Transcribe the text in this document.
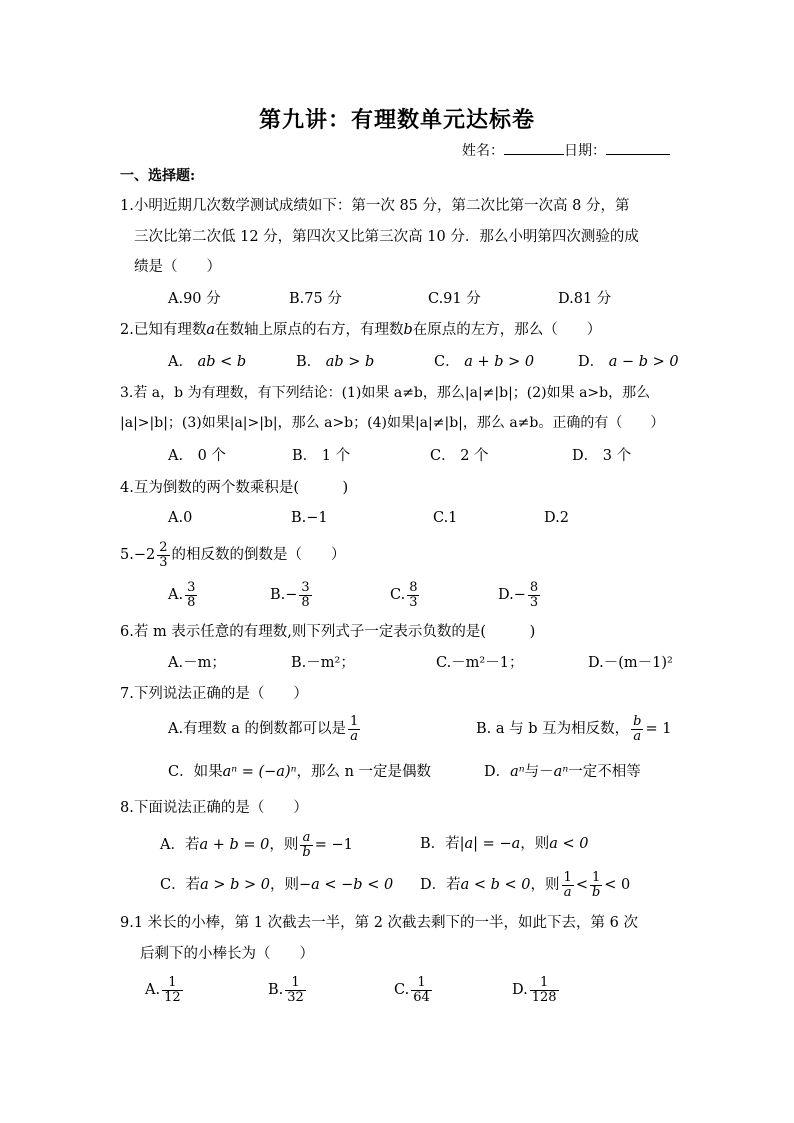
第九讲：有理数单元达标卷
姓名：	日期：
一、选择题:
1.小明近期几次数学测试成绩如下：第一次 85 分，第二次比第一次高 8 分，第
三次比第二次低 12 分，第四次又比第三次高 10 分．那么小明第四次测验的成
绩是（　　）
A.90 分	B.75 分	C.91 分	D.81 分
2.已知有理数a在数轴上原点的右方，有理数b在原点的左方，那么（　　）
A． ab < b	B． ab > b	C． a + b > 0	D． a − b > 0
3.若 a，b 为有理数，有下列结论：(1)如果 a≠b，那么|a|≠|b|；(2)如果 a>b，那么
|a|>|b|；(3)如果|a|>|b|，那么 a>b；(4)如果|a|≠|b|，那么 a≠b。正确的有（　　）
A． 0 个	B． 1 个	C． 2 个	D． 3 个
4.互为倒数的两个数乘积是(　　　)
A.0	B.−1	C.1	D.2
$5.-2 \frac{2}{3}$ 的相反数的倒数是（　　）
A. $\frac{3}{8}$	$B.- \frac{3}{8}$	C. $\frac{8}{3}$	$D.- \frac{8}{3}$
6.若 m 表示任意的有理数,则下列式子一定表示负数的是(　　　)
A.－m；	B.－m²；	C.－m²－1；	D.－(m－1)²
7.下列说法正确的是（　　）
A.有理数 a 的倒数都可以是 $\frac{1}{a}$	B. a 与 b 互为相反数， $\frac{b}{a} = 1$
C．如果aⁿ = (−a)ⁿ，那么 n 一定是偶数	D．aⁿ与－aⁿ一定不相等
8.下面说法正确的是（　　）
A．若a + b = 0，则 $\frac{a}{b} = -1$	B．若|a| = −a，则a < 0
C．若a > b > 0，则−a < −b < 0 D．若a < b < 0，则 $\frac{1}{a} < \frac{1}{b} < 0$
9.1 米长的小棒，第 1 次截去一半，第 2 次截去剩下的一半，如此下去，第 6 次
后剩下的小棒长为（　　）
A. $\frac{1}{12}$	B. $\frac{1}{32}$	C. $\frac{1}{64}$	D. $\frac{1}{128}$
